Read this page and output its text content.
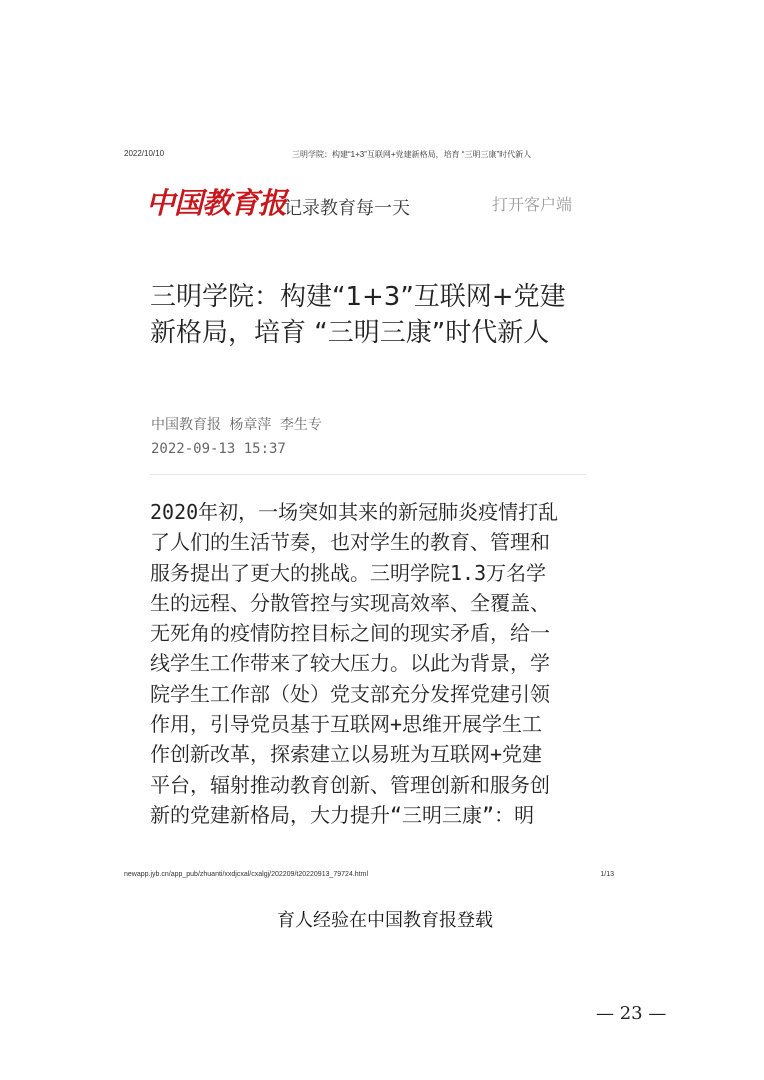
2022/10/10	三明学院：构建“1+3”互联网+党建新格局，培育 “三明三康”时代新人
中国教育报
记录教育每一天	打开客户端
三明学院：构建“1+3”互联网+党建新格局，培育 “三明三康”时代新人
中国教育报 杨章萍 李生专
2022-09-13 15:37
2020年初，一场突如其来的新冠肺炎疫情打乱
了人们的生活节奏，也对学生的教育、管理和
服务提出了更大的挑战。三明学院1.3万名学
生的远程、分散管控与实现高效率、全覆盖、
无死角的疫情防控目标之间的现实矛盾，给一
线学生工作带来了较大压力。以此为背景，学
院学生工作部（处）党支部充分发挥党建引领
作用，引导党员基于互联网+思维开展学生工
作创新改革，探索建立以易班为互联网+党建
平台，辐射推动教育创新、管理创新和服务创
新的党建新格局，大力提升“三明三康”：明
newapp.jyb.cn/app_pub/zhuanti/xxdjcxal/cxalgj/202209/t20220913_79724.html	1/13
育人经验在中国教育报登载
— 23 —
